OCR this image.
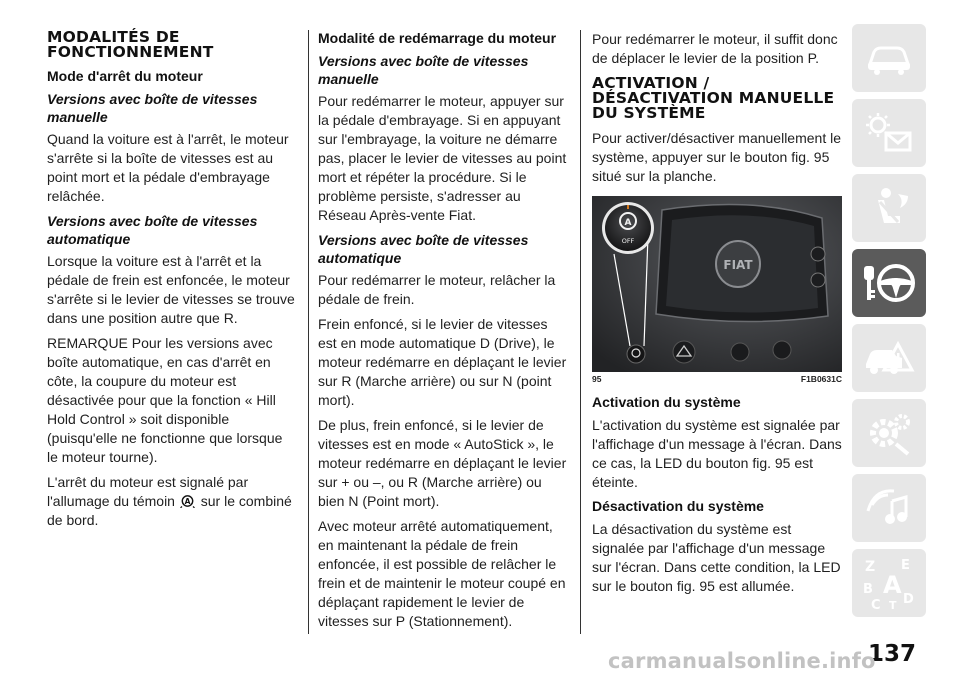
MODALITÉS DE FONCTIONNEMENT
Mode d'arrêt du moteur
Versions avec boîte de vitesses manuelle
Quand la voiture est à l'arrêt, le moteur s'arrête si la boîte de vitesses est au point mort et la pédale d'embrayage relâchée.
Versions avec boîte de vitesses automatique
Lorsque la voiture est à l'arrêt et la pédale de frein est enfoncée, le moteur s'arrête si le levier de vitesses se trouve dans une position autre que R.
REMARQUE Pour les versions avec boîte automatique, en cas d'arrêt en côte, la coupure du moteur est désactivée pour que la fonction « Hill Hold Control » soit disponible (puisqu'elle ne fonctionne que lorsque le moteur tourne).
L'arrêt du moteur est signalé par l'allumage du témoin A sur le combiné de bord.
Modalité de redémarrage du moteur
Versions avec boîte de vitesses manuelle
Pour redémarrer le moteur, appuyer sur la pédale d'embrayage. Si en appuyant sur l'embrayage, la voiture ne démarre pas, placer le levier de vitesses au point mort et répéter la procédure. Si le problème persiste, s'adresser au Réseau Après-vente Fiat.
Versions avec boîte de vitesses automatique
Pour redémarrer le moteur, relâcher la pédale de frein.
Frein enfoncé, si le levier de vitesses est en mode automatique D (Drive), le moteur redémarre en déplaçant le levier sur R (Marche arrière) ou sur N (point mort).
De plus, frein enfoncé, si le levier de vitesses est en mode « AutoStick », le moteur redémarre en déplaçant le levier sur + ou –, ou R (Marche arrière) ou bien N (Point mort).
Avec moteur arrêté automatiquement, en maintenant la pédale de frein enfoncée, il est possible de relâcher le frein et de maintenir le moteur coupé en déplaçant rapidement le levier de vitesses sur P (Stationnement).
Pour redémarrer le moteur, il suffit donc de déplacer le levier de la position P.
ACTIVATION / DÉSACTIVATION MANUELLE DU SYSTÈME
Pour activer/désactiver manuellement le système, appuyer sur le bouton fig. 95 situé sur la planche.
FIAT
A
OFF
95	F1B0631C
Activation du système
L'activation du système est signalée par l'affichage d'un message à l'écran. Dans ce cas, la LED du bouton fig. 95 est éteinte.
Désactivation du système
La désactivation du système est signalée par l'affichage d'un message sur l'écran. Dans cette condition, la LED sur le bouton fig. 95 est allumée.
Z E
A
B
C T D
137
carmanualsonline.info
